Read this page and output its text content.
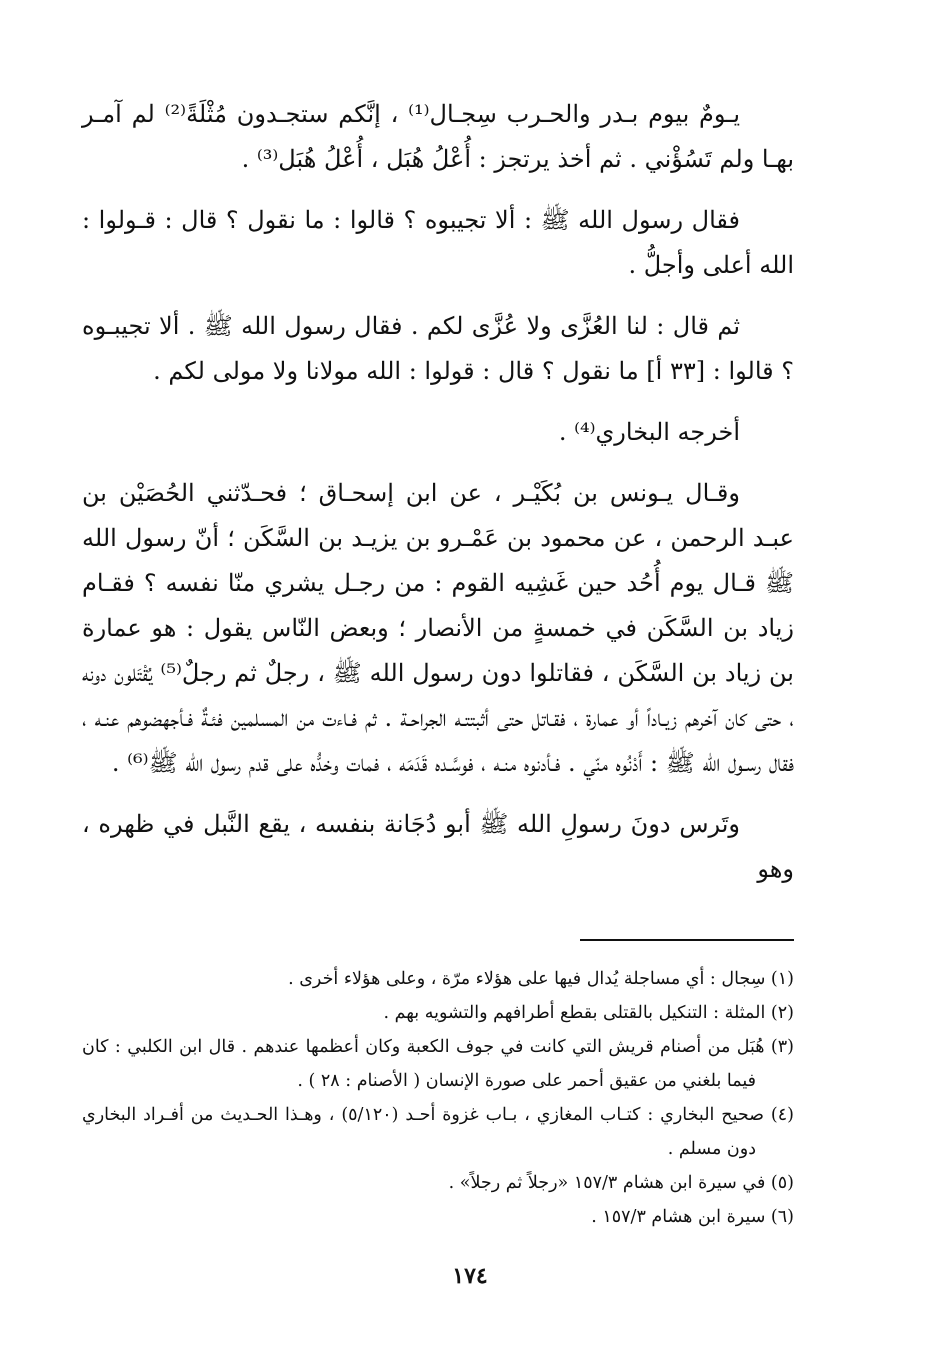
يـومٌ بيوم بـدر والحـرب سِجـال⁽¹⁾ ، إنَّكم ستجـدون مُثْلَةً⁽²⁾ لم آمـر بهـا ولم تَسُؤْني . ثم أخذ يرتجز : أُعْلُ هُبَل ، أُعْلُ هُبَل⁽³⁾ .

فقال رسول الله ﷺ : ألا تجيبوه ؟ قالوا : ما نقول ؟ قال : قـولوا : الله أعلى وأجلُّ .

ثم قال : لنا العُزَّى ولا عُزَّى لكم . فقال رسول الله ﷺ . ألا تجيبـوه ؟ قالوا : [٣٣ أ] ما نقول ؟ قال : قولوا : الله مولانا ولا مولى لكم .

أخرجه البخاري⁽⁴⁾ .

وقـال يـونس بن بُكَيْـر ، عن ابن إسحـاق ؛ فحـدّثني الحُصَيْن بن عبـد الرحمن ، عن محمود بن عَمْـرو بن يزيـد بن السَّكَن ؛ أنّ رسول الله ﷺ قـال يوم أُحُد حين غَشِيه القوم : من رجـل يشري منّا نفسه ؟ فقـام زياد بن السَّكَن في خمسةٍ من الأنصار ؛ وبعض النّاس يقول : هو عمارة بن زياد بن السَّكَن ، فقاتلوا دون رسول الله ﷺ ، رجلٌ ثم رجلٌ⁽⁵⁾ يُقْتَلون دونه ، حتى كان آخرهم زيـاداً أو عمارة ، فقـاتل حتى أثبتتـه الجراحـة . ثم فـاءت من المسلمين فئـةٌ فـأجهضوهم عنـه ، فقال رسـول الله ﷺ : أَدْنُوه منّي . فـأدنوه منـه ، فوسَّـده قَدَمَه ، فمات وخدُّه على قدم رسول الله ﷺ⁽⁶⁾ .

وتَرس دونَ رسولِ الله ﷺ أبو دُجَانة بنفسه ، يقع النَّبل في ظهره ، وهو

(١) سِجال : أي مساجلة يُدال فيها على هؤلاء مرّة ، وعلى هؤلاء أخرى .
(٢) المثلة : التنكيل بالقتلى بقطع أطرافهم والتشويه بهم .
(٣) هُبَل من أصنام قريش التي كانت في جوف الكعبة وكان أعظمها عندهم . قال ابن الكلبي : كان فيما بلغني من عقيق أحمر على صورة الإنسان ( الأصنام : ٢٨ ) .
(٤) صحيح البخاري : كتـاب المغازي ، بـاب غزوة أحـد (٥/١٢٠) ، وهـذا الحـديث من أفـراد البخاري دون مسلم .
(٥) في سيرة ابن هشام ١٥٧/٣ «رجلاً ثم رجلاً» .
(٦) سيرة ابن هشام ١٥٧/٣ .
١٧٤
